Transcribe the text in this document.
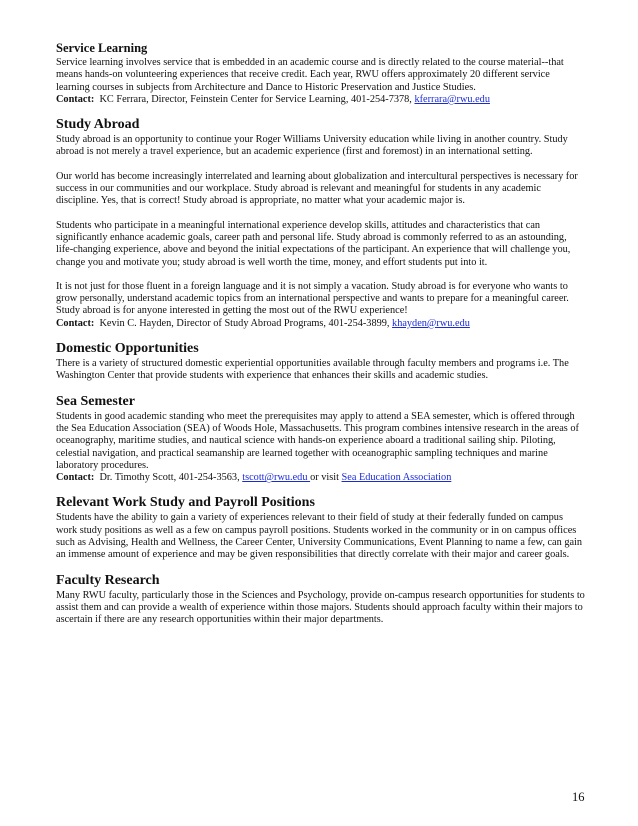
Service Learning

Service learning involves service that is embedded in an academic course and is directly related to the course material--that means hands-on volunteering experiences that receive credit. Each year, RWU offers approximately 20 different service learning courses in subjects from Architecture and Dance to Historic Preservation and Justice Studies.

Contact: KC Ferrara, Director, Feinstein Center for Service Learning, 401-254-7378, kferrara@rwu.edu

Study Abroad

Study abroad is an opportunity to continue your Roger Williams University education while living in another country. Study abroad is not merely a travel experience, but an academic experience (first and foremost) in an international setting.

Our world has become increasingly interrelated and learning about globalization and intercultural perspectives is necessary for success in our communities and our workplace. Study abroad is relevant and meaningful for students in any academic discipline. Yes, that is correct! Study abroad is appropriate, no matter what your academic major is.

Students who participate in a meaningful international experience develop skills, attitudes and characteristics that can significantly enhance academic goals, career path and personal life. Study abroad is commonly referred to as an astounding, life-changing experience, above and beyond the initial expectations of the participant. An experience that will challenge you, change you and motivate you; study abroad is well worth the time, money, and effort students put into it.

It is not just for those fluent in a foreign language and it is not simply a vacation. Study abroad is for everyone who wants to grow personally, understand academic topics from an international perspective and wants to prepare for a meaningful career. Study abroad is for anyone interested in getting the most out of the RWU experience!

Contact: Kevin C. Hayden, Director of Study Abroad Programs, 401-254-3899, khayden@rwu.edu

Domestic Opportunities

There is a variety of structured domestic experiential opportunities available through faculty members and programs i.e. The Washington Center that provide students with experience that enhances their skills and academic studies.

Sea Semester

Students in good academic standing who meet the prerequisites may apply to attend a SEA semester, which is offered through the Sea Education Association (SEA) of Woods Hole, Massachusetts. This program combines intensive research in the areas of oceanography, maritime studies, and nautical science with hands-on experience aboard a traditional sailing ship. Piloting, celestial navigation, and practical seamanship are learned together with oceanographic sampling techniques and marine laboratory procedures.

Contact: Dr. Timothy Scott, 401-254-3563, tscott@rwu.edu or visit Sea Education Association

Relevant Work Study and Payroll Positions

Students have the ability to gain a variety of experiences relevant to their field of study at their federally funded on campus work study positions as well as a few on campus payroll positions. Students worked in the community or in on campus offices such as Advising, Health and Wellness, the Career Center, University Communications, Event Planning to name a few, can gain an immense amount of experience and may be given responsibilities that directly correlate with their major and career goals.

Faculty Research

Many RWU faculty, particularly those in the Sciences and Psychology, provide on-campus research opportunities for students to assist them and can provide a wealth of experience within those majors. Students should approach faculty within their majors to ascertain if there are any research opportunities within their major departments.

16
